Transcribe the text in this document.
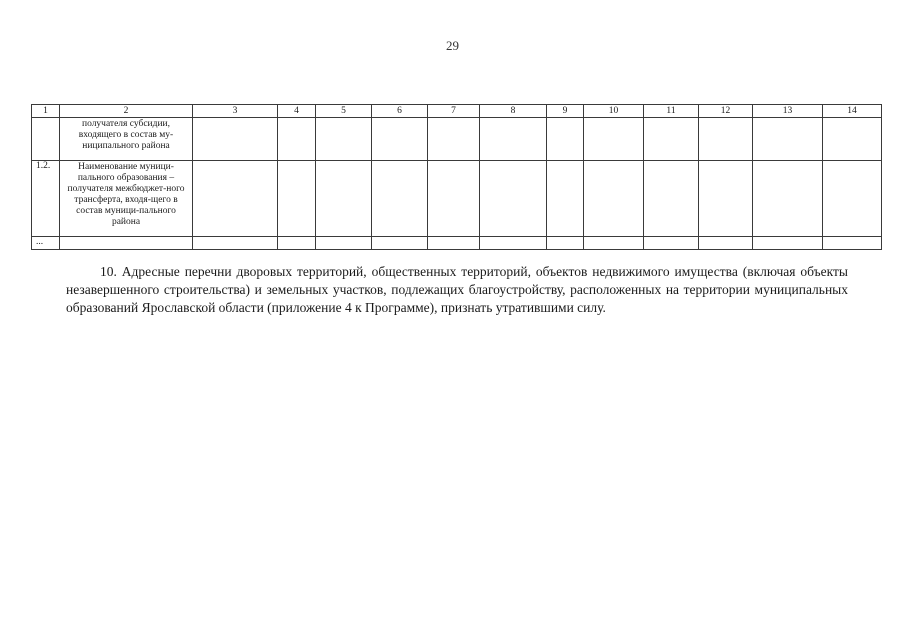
29
1	2	3	4	5	6	7	8	9	10	11	12	13	14
	получателя субсидии, входящего в состав му-ниципального района												
1.2.	Наименование муници-пального образования – получателя межбюджет-ного трансферта, входя-щего в состав муници-пального района												
...													

10. Адресные перечни дворовых территорий, общественных территорий, объектов недвижимого имущества (включая объекты незавершенного строительства) и земельных участков, подлежащих благоустройству, расположенных на территории муниципальных образований Ярославской области (приложение 4 к Программе), признать утратившими силу.
